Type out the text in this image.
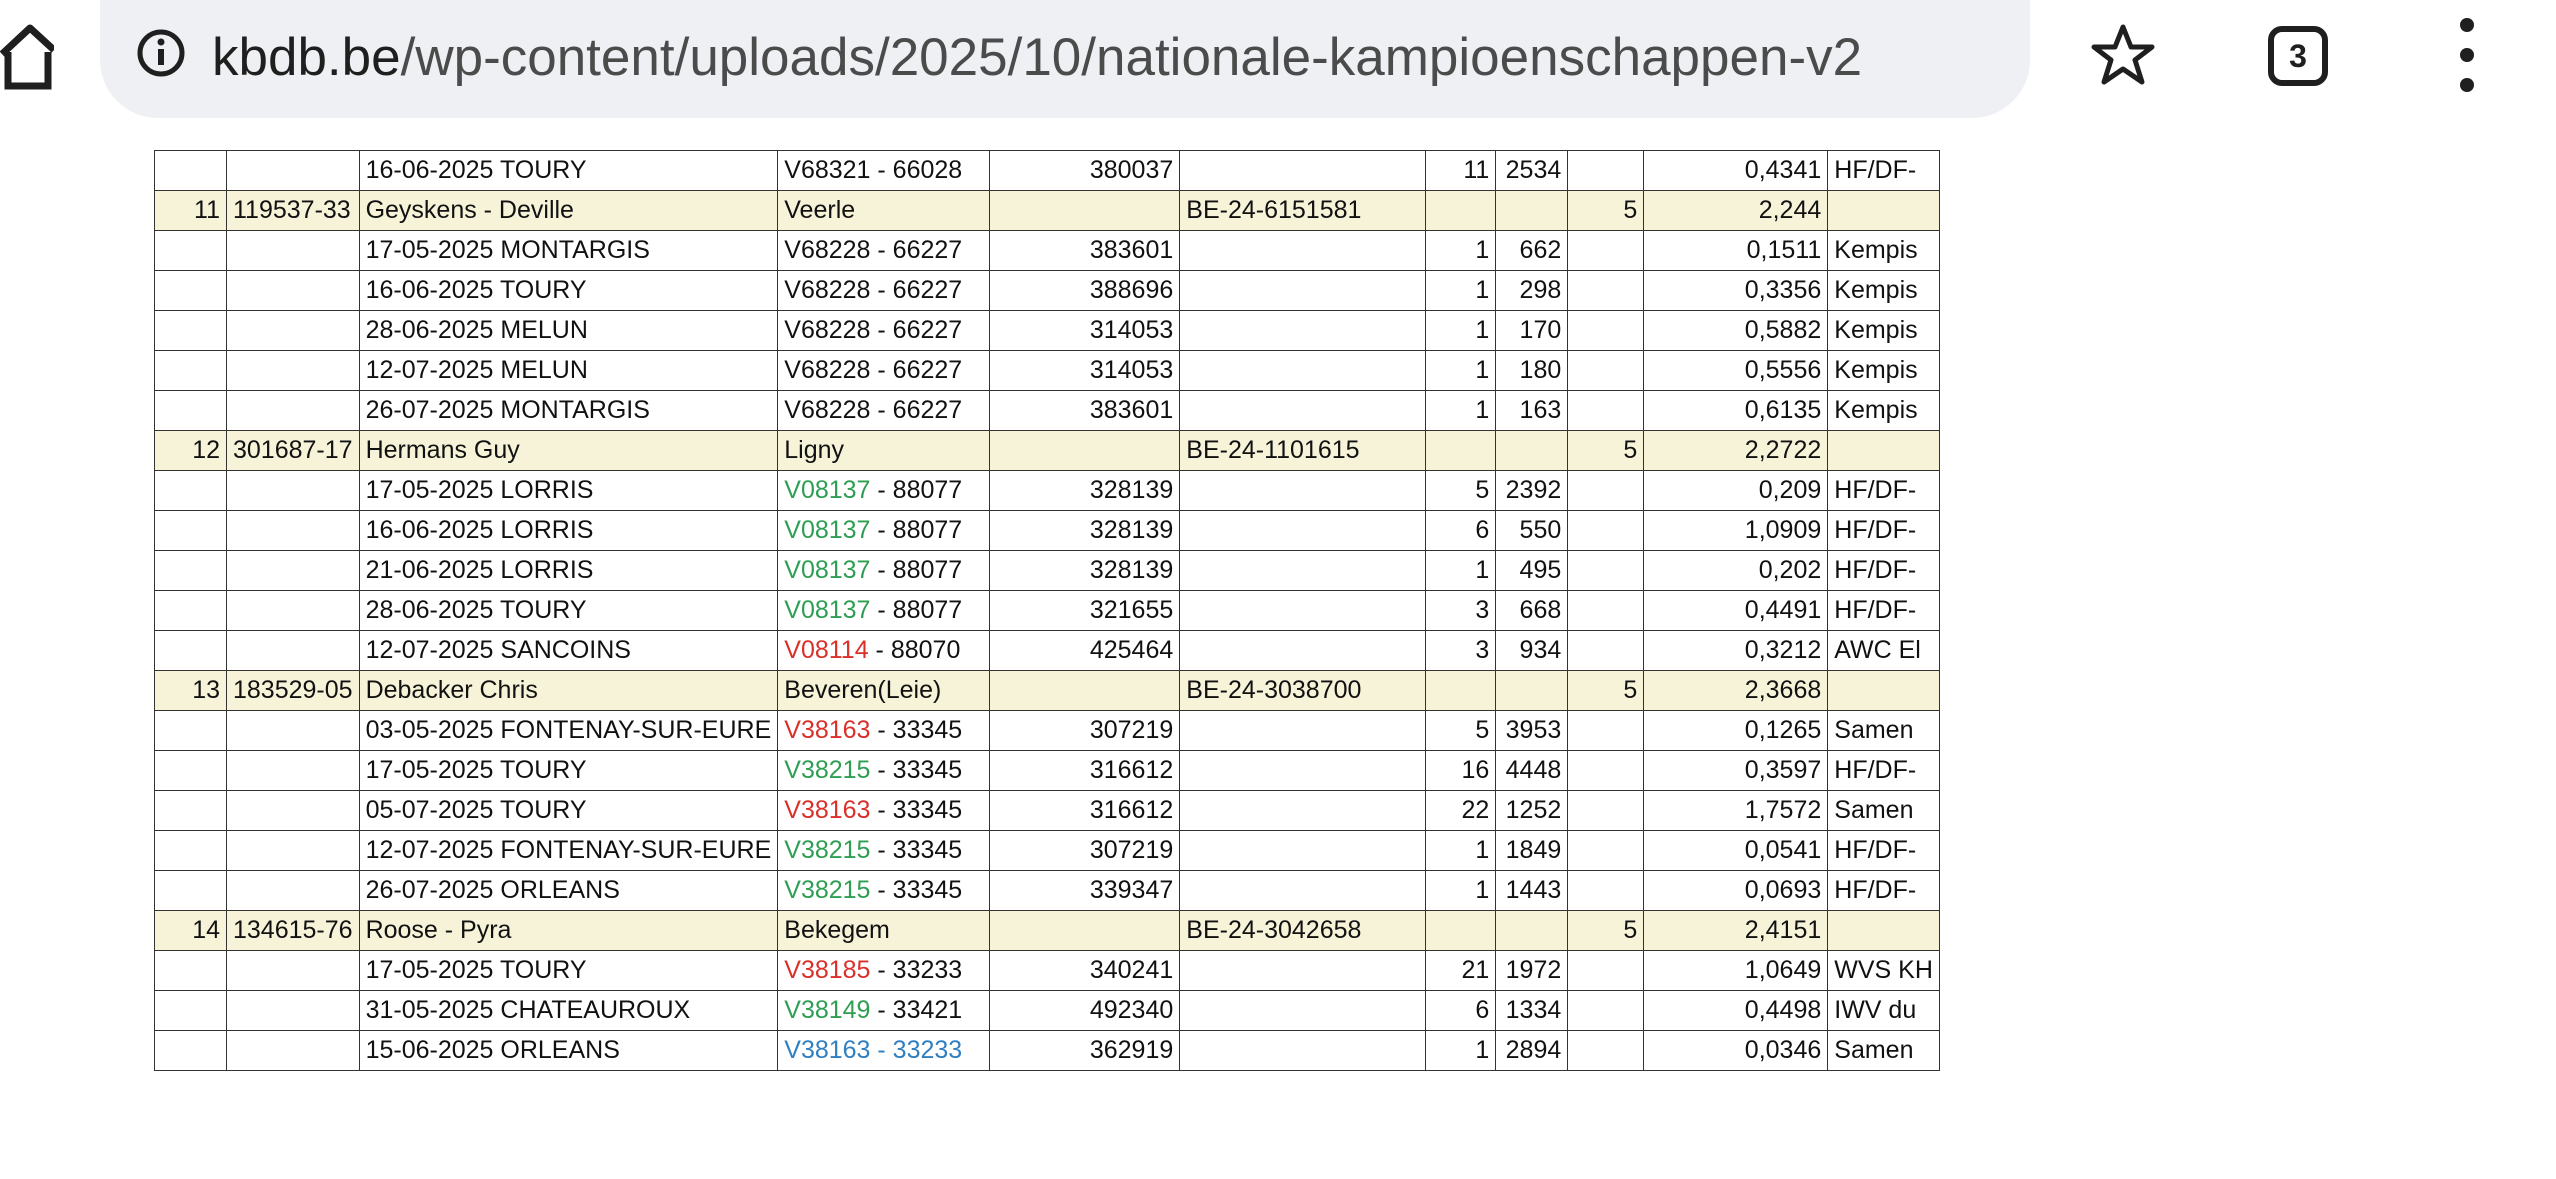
kbdb.be/wp-content/uploads/2025/10/nationale-kampioenschappen-v2	3
		16-06-2025 TOURY	V68321 - 66028	380037		11	2534		0,4341	HF/DF-
11	119537-33	Geyskens - Deville	Veerle		BE-24-6151581			5	2,244	
		17-05-2025 MONTARGIS	V68228 - 66227	383601		1	662		0,1511	Kempis
		16-06-2025 TOURY	V68228 - 66227	388696		1	298		0,3356	Kempis
		28-06-2025 MELUN	V68228 - 66227	314053		1	170		0,5882	Kempis
		12-07-2025 MELUN	V68228 - 66227	314053		1	180		0,5556	Kempis
		26-07-2025 MONTARGIS	V68228 - 66227	383601		1	163		0,6135	Kempis
12	301687-17	Hermans Guy	Ligny		BE-24-1101615			5	2,2722	
		17-05-2025 LORRIS	V08137 - 88077	328139		5	2392		0,209	HF/DF-
		16-06-2025 LORRIS	V08137 - 88077	328139		6	550		1,0909	HF/DF-
		21-06-2025 LORRIS	V08137 - 88077	328139		1	495		0,202	HF/DF-
		28-06-2025 TOURY	V08137 - 88077	321655		3	668		0,4491	HF/DF-
		12-07-2025 SANCOINS	V08114 - 88070	425464		3	934		0,3212	AWC El
13	183529-05	Debacker Chris	Beveren(Leie)		BE-24-3038700			5	2,3668	
		03-05-2025 FONTENAY-SUR-EURE	V38163 - 33345	307219		5	3953		0,1265	Samen
		17-05-2025 TOURY	V38215 - 33345	316612		16	4448		0,3597	HF/DF-
		05-07-2025 TOURY	V38163 - 33345	316612		22	1252		1,7572	Samen
		12-07-2025 FONTENAY-SUR-EURE	V38215 - 33345	307219		1	1849		0,0541	HF/DF-
		26-07-2025 ORLEANS	V38215 - 33345	339347		1	1443		0,0693	HF/DF-
14	134615-76	Roose - Pyra	Bekegem		BE-24-3042658			5	2,4151	
		17-05-2025 TOURY	V38185 - 33233	340241		21	1972		1,0649	WVS KH
		31-05-2025 CHATEAUROUX	V38149 - 33421	492340		6	1334		0,4498	IWV du
		15-06-2025 ORLEANS	V38163 - 33233	362919		1	2894		0,0346	Samen
